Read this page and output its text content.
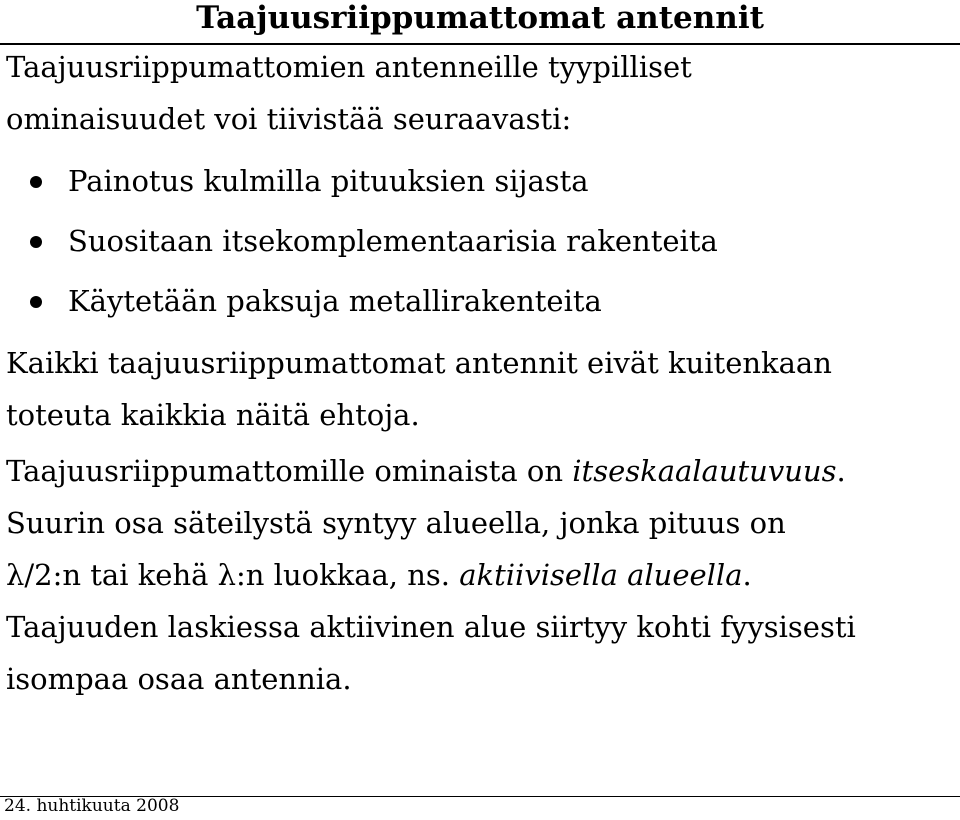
Taajuusriippumattomat antennit
Taajuusriippumattomien antenneille tyypilliset
ominaisuudet voi tiivistää seuraavasti:
Painotus kulmilla pituuksien sijasta
Suositaan itsekomplementaarisia rakenteita
Käytetään paksuja metallirakenteita
Kaikki taajuusriippumattomat antennit eivät kuitenkaan
toteuta kaikkia näitä ehtoja.
Taajuusriippumattomille ominaista on itseskaalautuvuus.
Suurin osa säteilystä syntyy alueella, jonka pituus on
λ/2:n tai kehä λ:n luokkaa, ns. aktiivisella alueella.
Taajuuden laskiessa aktiivinen alue siirtyy kohti fyysisesti
isompaa osaa antennia.
24. huhtikuuta 2008
